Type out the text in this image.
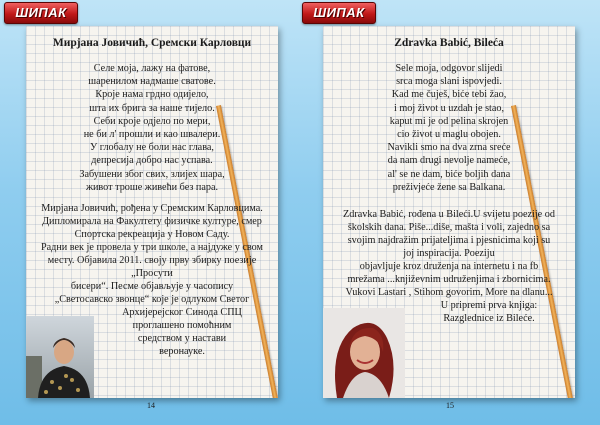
ШИПАК
Мирјана Јовичић, Сремски Карловци
Селе моја, лажу на фатове,
шаренилом надмаше сватове.
Кроје нама грдно одијело,
шта их брига за наше тијело.
Себи кроје одјело по мери,
не би л' прошли и као швалери.
У глобалу не боли нас глава,
депресија добро нас успава.
Забушени због свих, злијех шара,
живот троше живећи без пара.
Мирјана Јовичић, рођена у Сремским Карловцима.
Дипломирала на Факултету физичке културе, смер
Спортска рекреација у Новом Саду.
Радни век је провела у три школе, а најдуже у свом
месту. Објавила 2011. своју прву збирку поезије
„Просути
бисери“. Песме објављује у часопису
„Светосавско звонце“ које је одлуком Светог
Архијерејског Синода СПЦ
проглашено помоћним
средством у настави
веронауке.
14
ШИПАК
Zdravka Babić, Bileća
Sele moja, odgovor slijedi
srca moga slani ispovjedi.
Kad me čuješ, biće tebi žao,
i moj život u uzdah je stao,
kaput mi je od pelina skrojen
cio život u maglu obojen.
Navikli smo na dva zrna sreće
da nam drugi nevolje nameće,
al' se ne dam, biće boljih dana
preživjeće žene sa Balkana.
Zdravka Babić, rođena u Bileći.U svijetu poezije od
školskih dana. Piše...diše, mašta i voli, zajedno sa
svojim najdražim prijateljima i pjesnicima koji su
joj inspiracija. Poeziju
objavljuje kroz druženja na internetu i na fb
mrežama ...književnim udruženjima i zbornicima.
Vukovi Lastari , Stihom govorim, More na dlanu...
U pripremi prva knjiga:
Razglednice iz Bileće.
15
